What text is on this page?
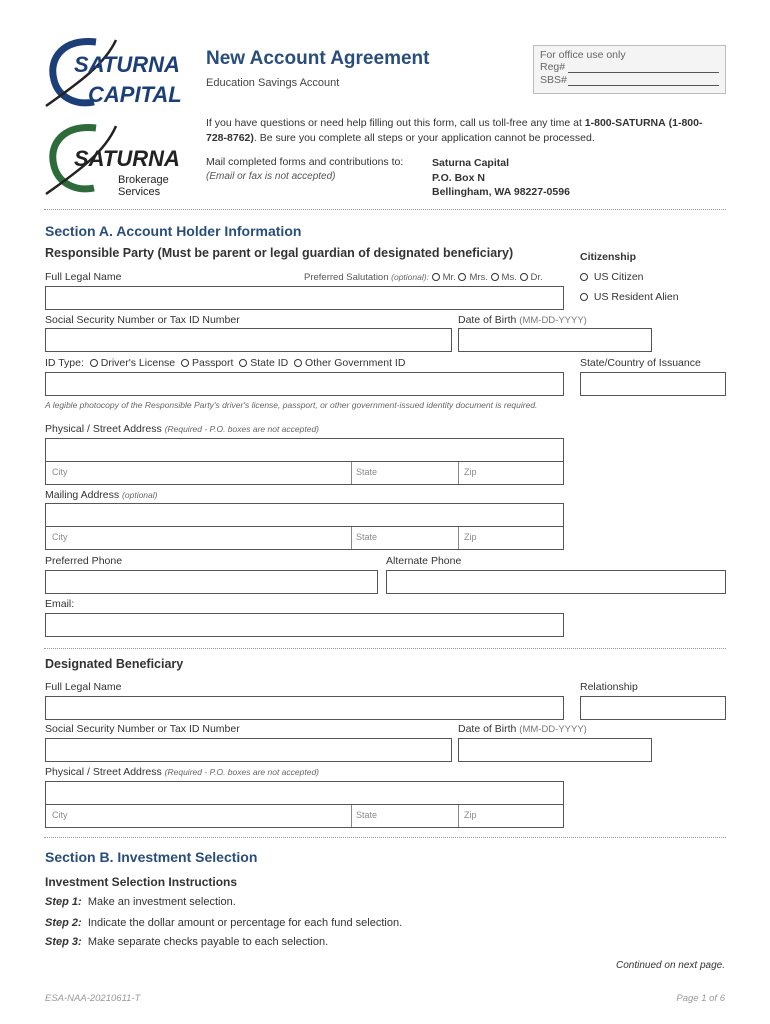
SATURNA
CAPITAL
SATURNA
Brokerage
Services
New Account Agreement
Education Savings Account
For office use only
Reg#
SBS#
If you have questions or need help filling out this form, call us toll-free any time at 1-800-SATURNA (1-800-728-8762). Be sure you complete all steps or your application cannot be processed.
Mail completed forms and contributions to:
(Email or fax is not accepted)
Saturna Capital
P.O. Box N
Bellingham, WA 98227-0596
Section A. Account Holder Information
Responsible Party (Must be parent or legal guardian of designated beneficiary)	Citizenship
Full Legal Name	Preferred Salutation (optional): Mr. Mrs. Ms. Dr.	US Citizen
US Resident Alien
Social Security Number or Tax ID Number	Date of Birth (MM-DD-YYYY)
ID Type: Driver's License Passport State ID Other Government ID	State/Country of Issuance
A legible photocopy of the Responsible Party's driver's license, passport, or other government-issued identity document is required.
Physical / Street Address (Required - P.O. boxes are not accepted)
City	State	Zip
Mailing Address (optional)
City	State	Zip
Preferred Phone	Alternate Phone
Email:
Designated Beneficiary
Full Legal Name	Relationship
Social Security Number or Tax ID Number	Date of Birth (MM-DD-YYYY)
Physical / Street Address (Required - P.O. boxes are not accepted)
City	State	Zip
Section B. Investment Selection
Investment Selection Instructions
Step 1: Make an investment selection.
Step 2: Indicate the dollar amount or percentage for each fund selection.
Step 3: Make separate checks payable to each selection.
Continued on next page.
ESA-NAA-20210611-T	Page 1 of 6
